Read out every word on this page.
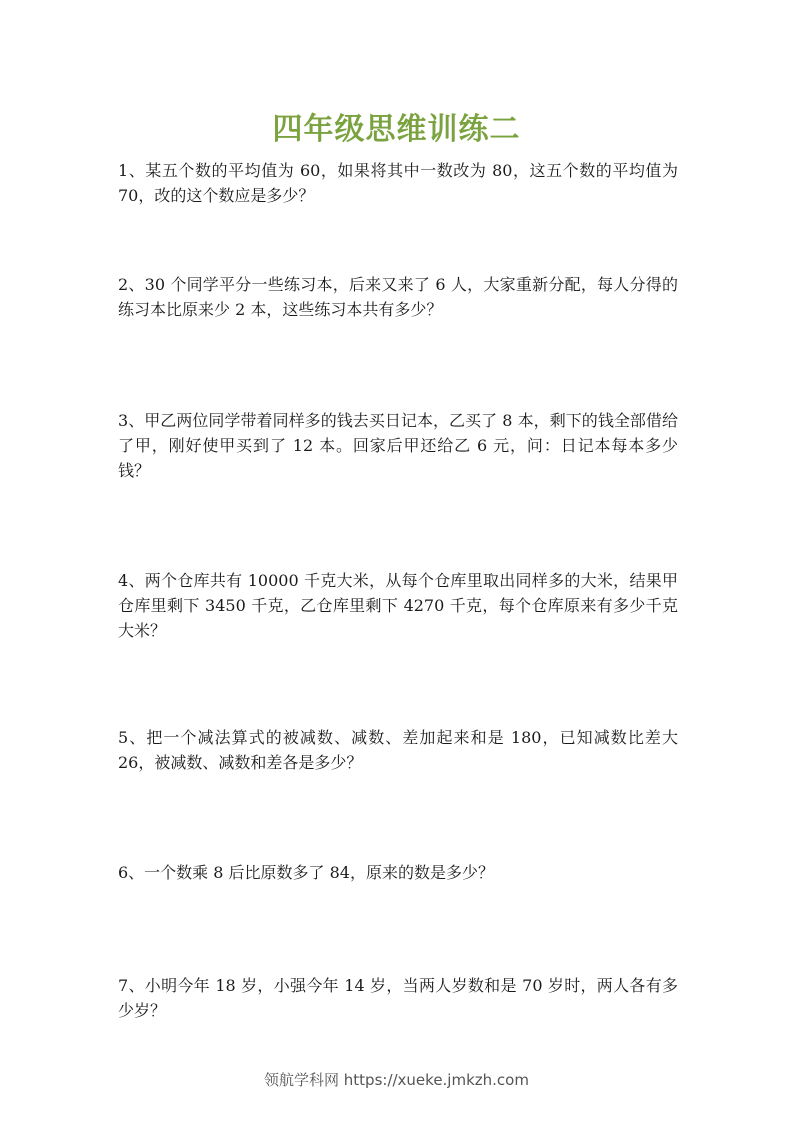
四年级思维训练二

1、某五个数的平均值为 60，如果将其中一数改为 80，这五个数的平均值为 70，改的这个数应是多少？

2、30 个同学平分一些练习本，后来又来了 6 人，大家重新分配，每人分得的练习本比原来少 2 本，这些练习本共有多少？

3、甲乙两位同学带着同样多的钱去买日记本，乙买了 8 本，剩下的钱全部借给了甲，刚好使甲买到了 12 本。回家后甲还给乙 6 元，问：日记本每本多少钱？

4、两个仓库共有 10000 千克大米，从每个仓库里取出同样多的大米，结果甲仓库里剩下 3450 千克，乙仓库里剩下 4270 千克，每个仓库原来有多少千克大米？

5、把一个减法算式的被减数、减数、差加起来和是 180，已知减数比差大 26，被减数、减数和差各是多少？

6、一个数乘 8 后比原数多了 84，原来的数是多少？

7、小明今年 18 岁，小强今年 14 岁，当两人岁数和是 70 岁时，两人各有多少岁？

领航学科网 https://xueke.jmkzh.com
